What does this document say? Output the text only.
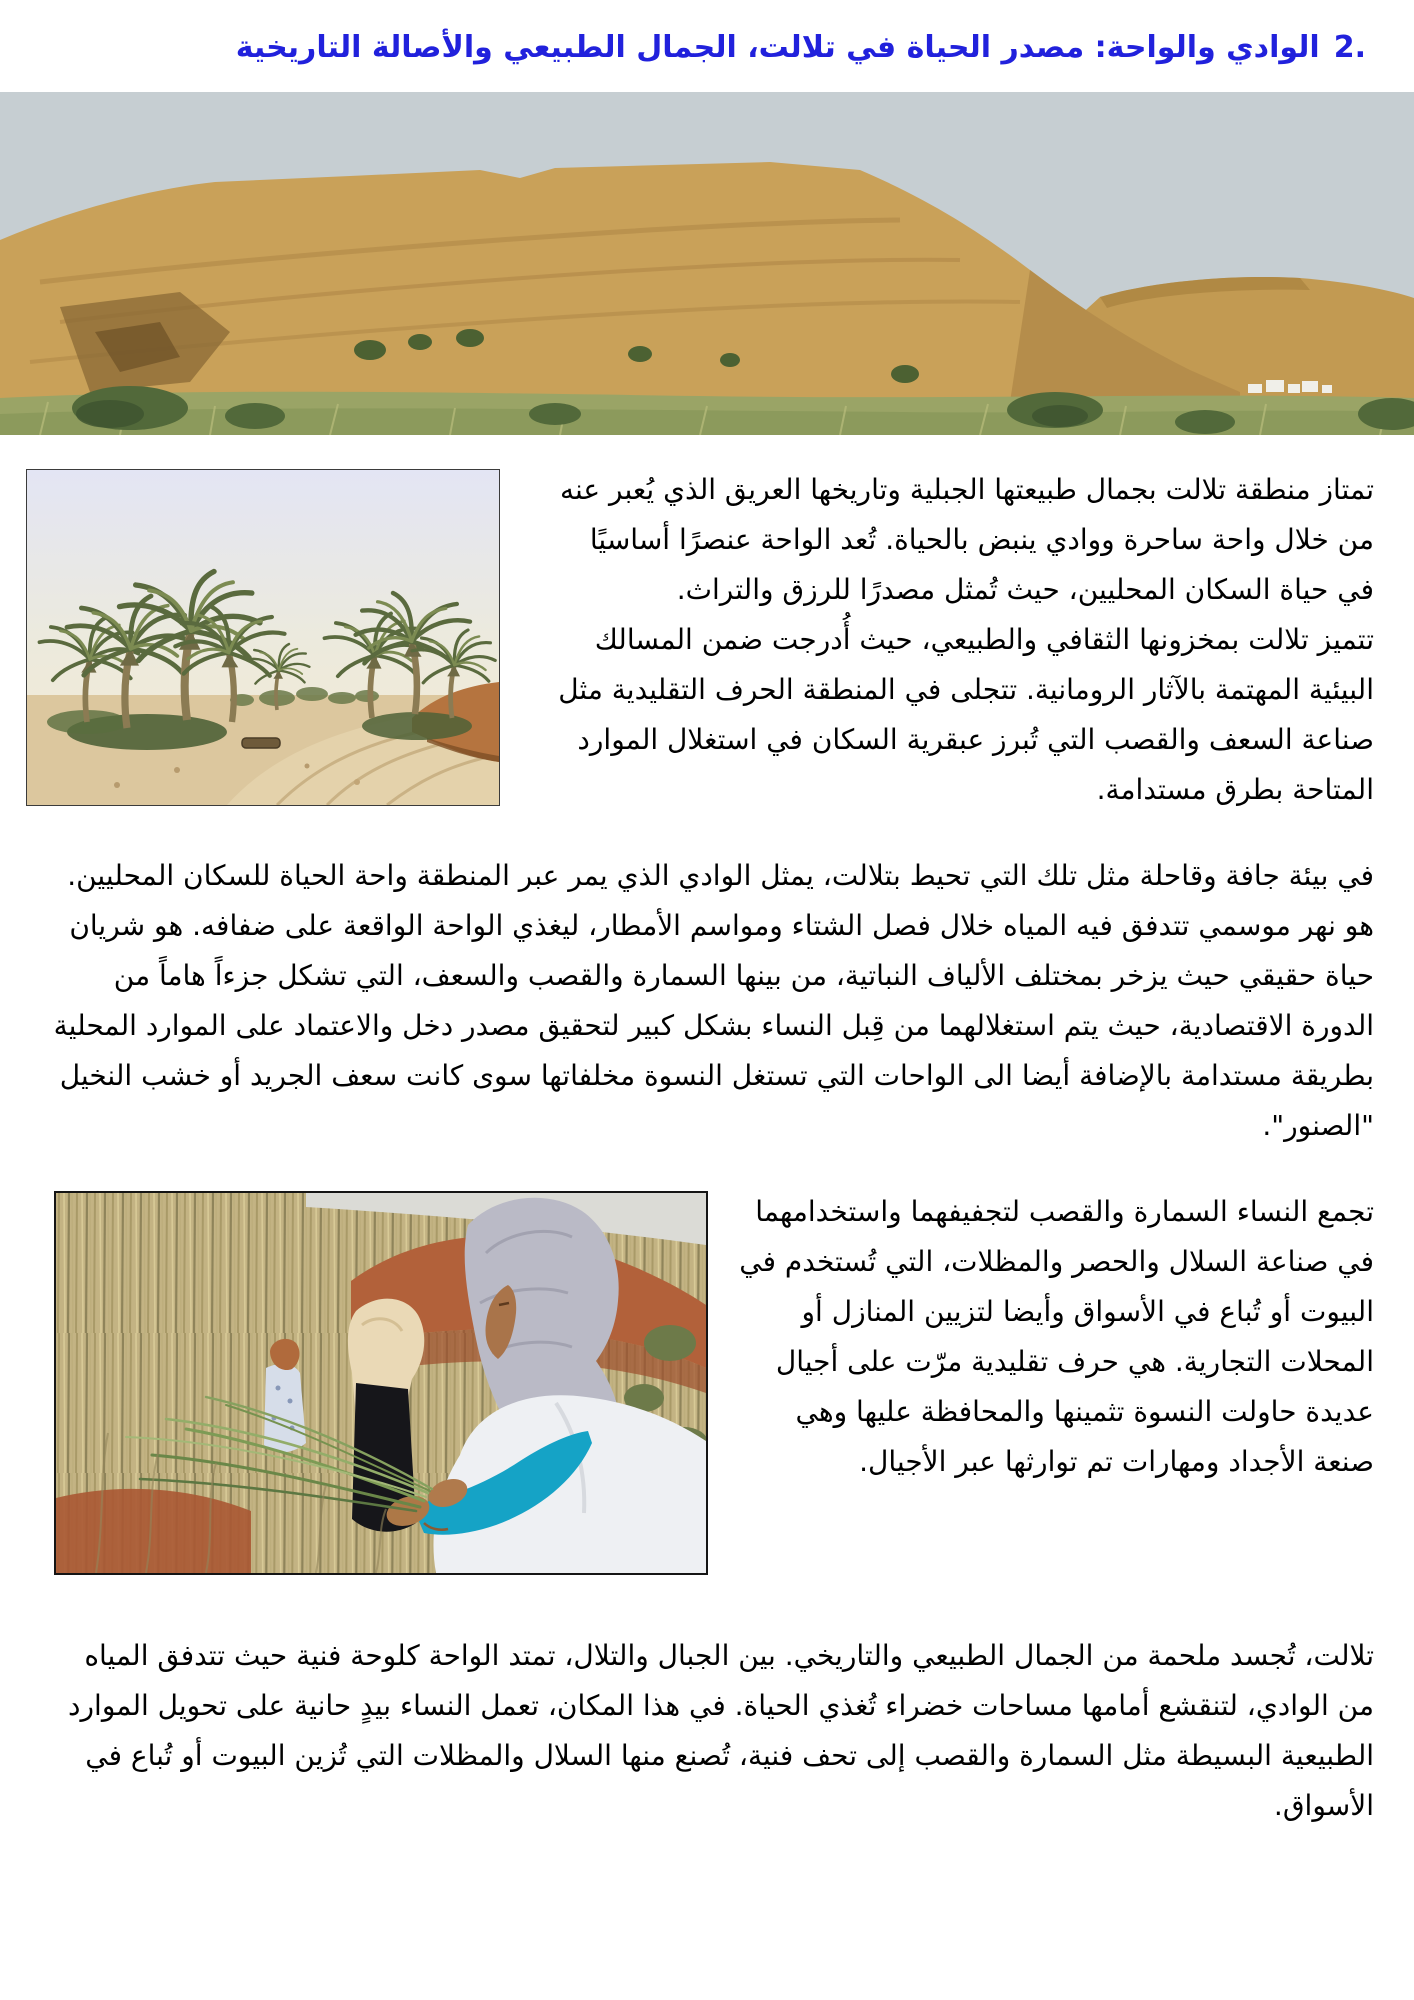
2.الوادي والواحة: مصدر الحياة في تلالت، الجمال الطبيعي والأصالة التاريخية

تمتاز منطقة تلالت بجمال طبيعتها الجبلية وتاريخها العريق الذي يُعبر عنه من خلال واحة ساحرة ووادي ينبض بالحياة. تُعد الواحة عنصرًا أساسيًا في حياة السكان المحليين، حيث تُمثل مصدرًا للرزق والتراث.

تتميز تلالت بمخزونها الثقافي والطبيعي، حيث أُدرجت ضمن المسالك البيئية المهتمة بالآثار الرومانية. تتجلى في المنطقة الحرف التقليدية مثل صناعة السعف والقصب التي تُبرز عبقرية السكان في استغلال الموارد المتاحة بطرق مستدامة.

في بيئة جافة وقاحلة مثل تلك التي تحيط بتلالت، يمثل الوادي الذي يمر عبر المنطقة واحة الحياة للسكان المحليين. هو نهر موسمي تتدفق فيه المياه خلال فصل الشتاء ومواسم الأمطار، ليغذي الواحة الواقعة على ضفافه. هو شريان حياة حقيقي حيث يزخر بمختلف الألياف النباتية، من بينها السمارة والقصب والسعف، التي تشكل جزءاً هاماً من الدورة الاقتصادية، حيث يتم استغلالهما من قِبل النساء بشكل كبير لتحقيق مصدر دخل والاعتماد على الموارد المحلية بطريقة مستدامة بالإضافة أيضا الى الواحات التي تستغل النسوة مخلفاتها سوى كانت سعف الجريد أو خشب النخيل "الصنور".

تجمع النساء السمارة والقصب لتجفيفهما واستخدامهما في صناعة السلال والحصر والمظلات، التي تُستخدم في البيوت أو تُباع في الأسواق وأيضا لتزيين المنازل أو المحلات التجارية. هي حرف تقليدية مرّت على أجيال عديدة حاولت النسوة تثمينها والمحافظة عليها وهي صنعة الأجداد ومهارات تم توارثها عبر الأجيال.

تلالت، تُجسد ملحمة من الجمال الطبيعي والتاريخي. بين الجبال والتلال، تمتد الواحة كلوحة فنية حيث تتدفق المياه من الوادي، لتنقشع أمامها مساحات خضراء تُغذي الحياة. في هذا المكان، تعمل النساء بيدٍ حانية على تحويل الموارد الطبيعية البسيطة مثل السمارة والقصب إلى تحف فنية، تُصنع منها السلال والمظلات التي تُزين البيوت أو تُباع في الأسواق.
